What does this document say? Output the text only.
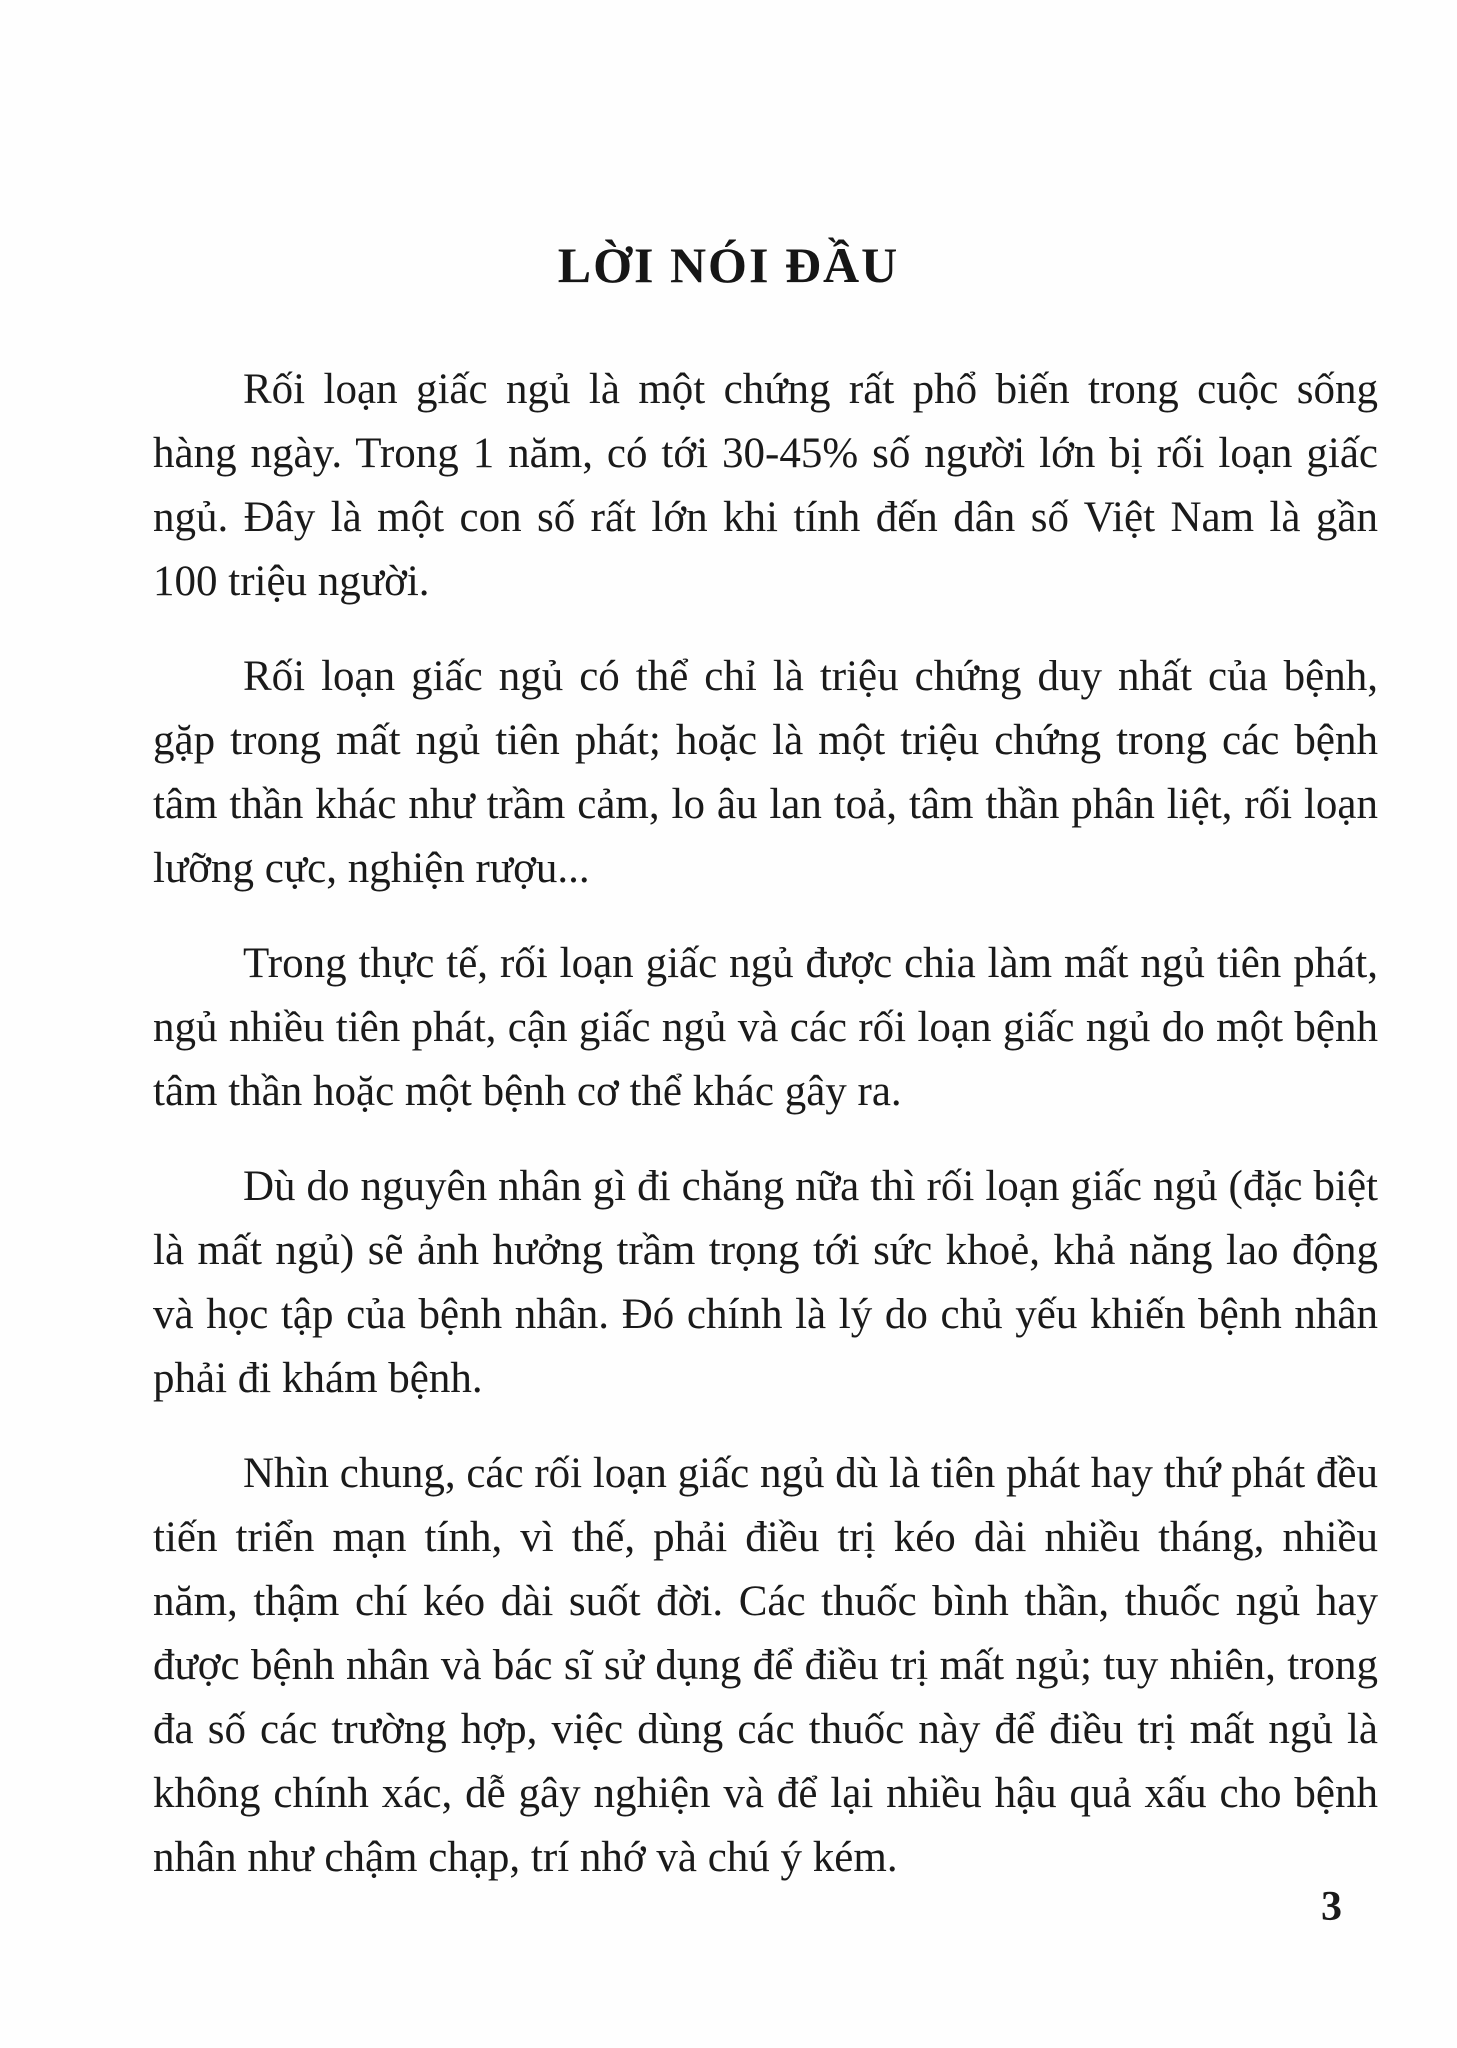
LỜI NÓI ĐẦU

Rối loạn giấc ngủ là một chứng rất phổ biến trong cuộc sống hàng ngày. Trong 1 năm, có tới 30-45% số người lớn bị rối loạn giấc ngủ. Đây là một con số rất lớn khi tính đến dân số Việt Nam là gần 100 triệu người.

Rối loạn giấc ngủ có thể chỉ là triệu chứng duy nhất của bệnh, gặp trong mất ngủ tiên phát; hoặc là một triệu chứng trong các bệnh tâm thần khác như trầm cảm, lo âu lan toả, tâm thần phân liệt, rối loạn lưỡng cực, nghiện rượu...

Trong thực tế, rối loạn giấc ngủ được chia làm mất ngủ tiên phát, ngủ nhiều tiên phát, cận giấc ngủ và các rối loạn giấc ngủ do một bệnh tâm thần hoặc một bệnh cơ thể khác gây ra.

Dù do nguyên nhân gì đi chăng nữa thì rối loạn giấc ngủ (đặc biệt là mất ngủ) sẽ ảnh hưởng trầm trọng tới sức khoẻ, khả năng lao động và học tập của bệnh nhân. Đó chính là lý do chủ yếu khiến bệnh nhân phải đi khám bệnh.

Nhìn chung, các rối loạn giấc ngủ dù là tiên phát hay thứ phát đều tiến triển mạn tính, vì thế, phải điều trị kéo dài nhiều tháng, nhiều năm, thậm chí kéo dài suốt đời. Các thuốc bình thần, thuốc ngủ hay được bệnh nhân và bác sĩ sử dụng để điều trị mất ngủ; tuy nhiên, trong đa số các trường hợp, việc dùng các thuốc này để điều trị mất ngủ là không chính xác, dễ gây nghiện và để lại nhiều hậu quả xấu cho bệnh nhân như chậm chạp, trí nhớ và chú ý kém.

3
